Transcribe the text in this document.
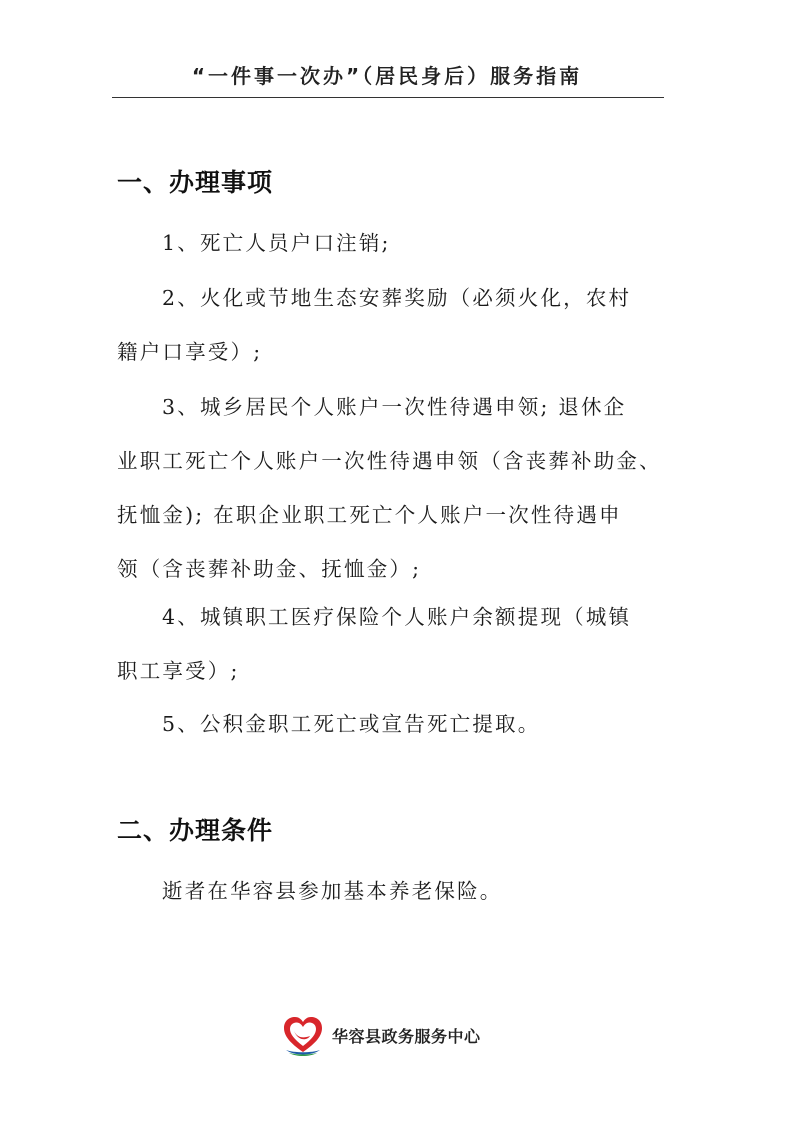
“一件事一次办”（居民身后）服务指南
一、办理事项
1、死亡人员户口注销;
2、火化或节地生态安葬奖励（必须火化，农村
籍户口享受）;
3、城乡居民个人账户一次性待遇申领; 退休企
业职工死亡个人账户一次性待遇申领（含丧葬补助金、
抚恤金); 在职企业职工死亡个人账户一次性待遇申
领（含丧葬补助金、抚恤金）;
4、城镇职工医疗保险个人账户余额提现（城镇
职工享受）;
5、公积金职工死亡或宣告死亡提取。
二、办理条件
逝者在华容县参加基本养老保险。
华容县政务服务中心
